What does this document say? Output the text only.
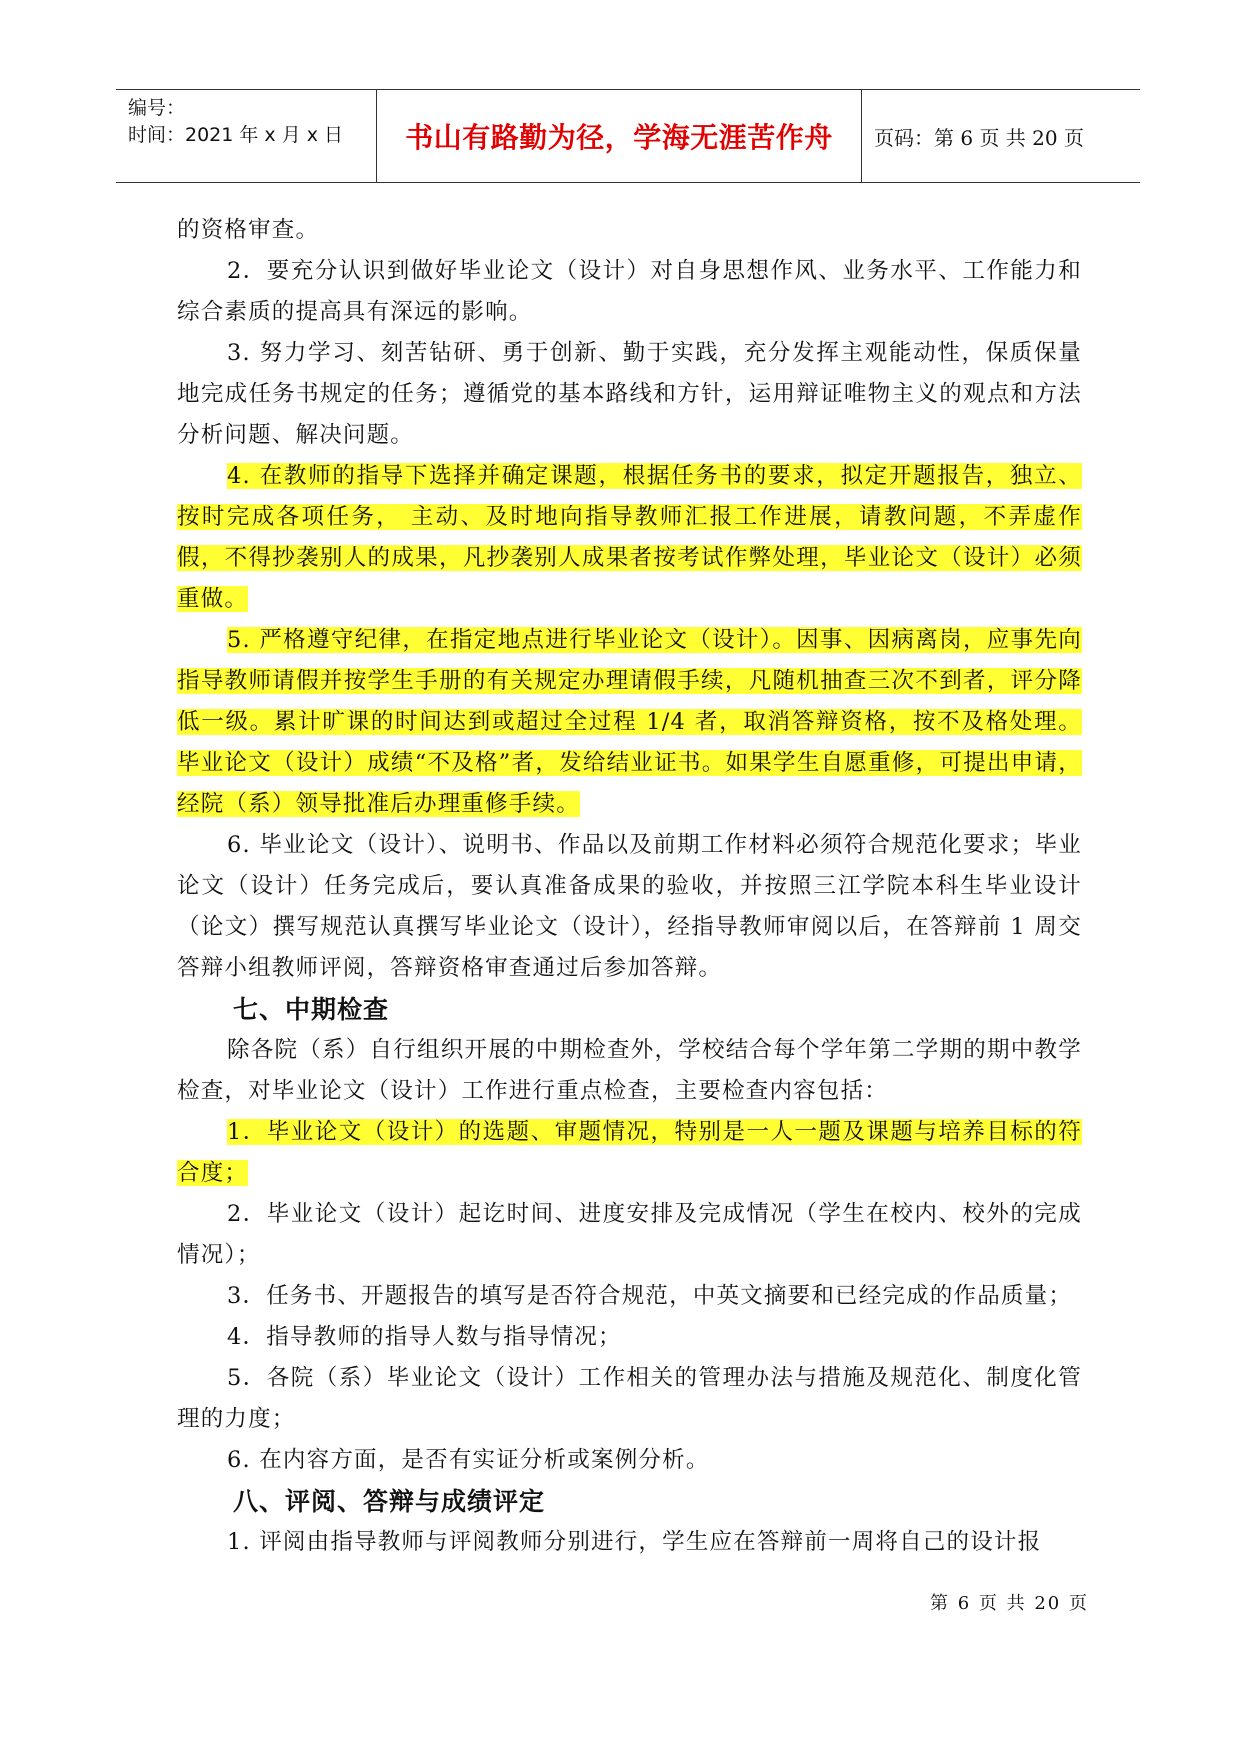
编号：
时间：2021 年 x 月 x 日	书山有路勤为径，学海无涯苦作舟	页码：第 6 页 共 20 页

的资格审查。

2．要充分认识到做好毕业论文（设计）对自身思想作风、业务水平、工作能力和综合素质的提高具有深远的影响。

3. 努力学习、刻苦钻研、勇于创新、勤于实践，充分发挥主观能动性，保质保量地完成任务书规定的任务；遵循党的基本路线和方针，运用辩证唯物主义的观点和方法分析问题、解决问题。

4. 在教师的指导下选择并确定课题，根据任务书的要求，拟定开题报告，独立、按时完成各项任务， 主动、及时地向指导教师汇报工作进展，请教问题，不弄虚作假，不得抄袭别人的成果，凡抄袭别人成果者按考试作弊处理，毕业论文（设计）必须重做。

5. 严格遵守纪律，在指定地点进行毕业论文（设计）。因事、因病离岗，应事先向指导教师请假并按学生手册的有关规定办理请假手续，凡随机抽查三次不到者，评分降低一级。累计旷课的时间达到或超过全过程 1/4 者，取消答辩资格，按不及格处理。毕业论文（设计）成绩“不及格”者，发给结业证书。如果学生自愿重修，可提出申请，经院（系）领导批准后办理重修手续。

6. 毕业论文（设计）、说明书、作品以及前期工作材料必须符合规范化要求；毕业论文（设计）任务完成后，要认真准备成果的验收，并按照三江学院本科生毕业设计（论文）撰写规范认真撰写毕业论文（设计），经指导教师审阅以后，在答辩前 1 周交答辩小组教师评阅，答辩资格审查通过后参加答辩。

七、中期检查

除各院（系）自行组织开展的中期检查外，学校结合每个学年第二学期的期中教学检查，对毕业论文（设计）工作进行重点检查，主要检查内容包括：

1．毕业论文（设计）的选题、审题情况，特别是一人一题及课题与培养目标的符合度；

2．毕业论文（设计）起讫时间、进度安排及完成情况（学生在校内、校外的完成情况）；

3．任务书、开题报告的填写是否符合规范，中英文摘要和已经完成的作品质量；

4．指导教师的指导人数与指导情况；

5．各院（系）毕业论文（设计）工作相关的管理办法与措施及规范化、制度化管理的力度；

6. 在内容方面，是否有实证分析或案例分析。

八、评阅、答辩与成绩评定

1. 评阅由指导教师与评阅教师分别进行，学生应在答辩前一周将自己的设计报

第 6 页 共 20 页
